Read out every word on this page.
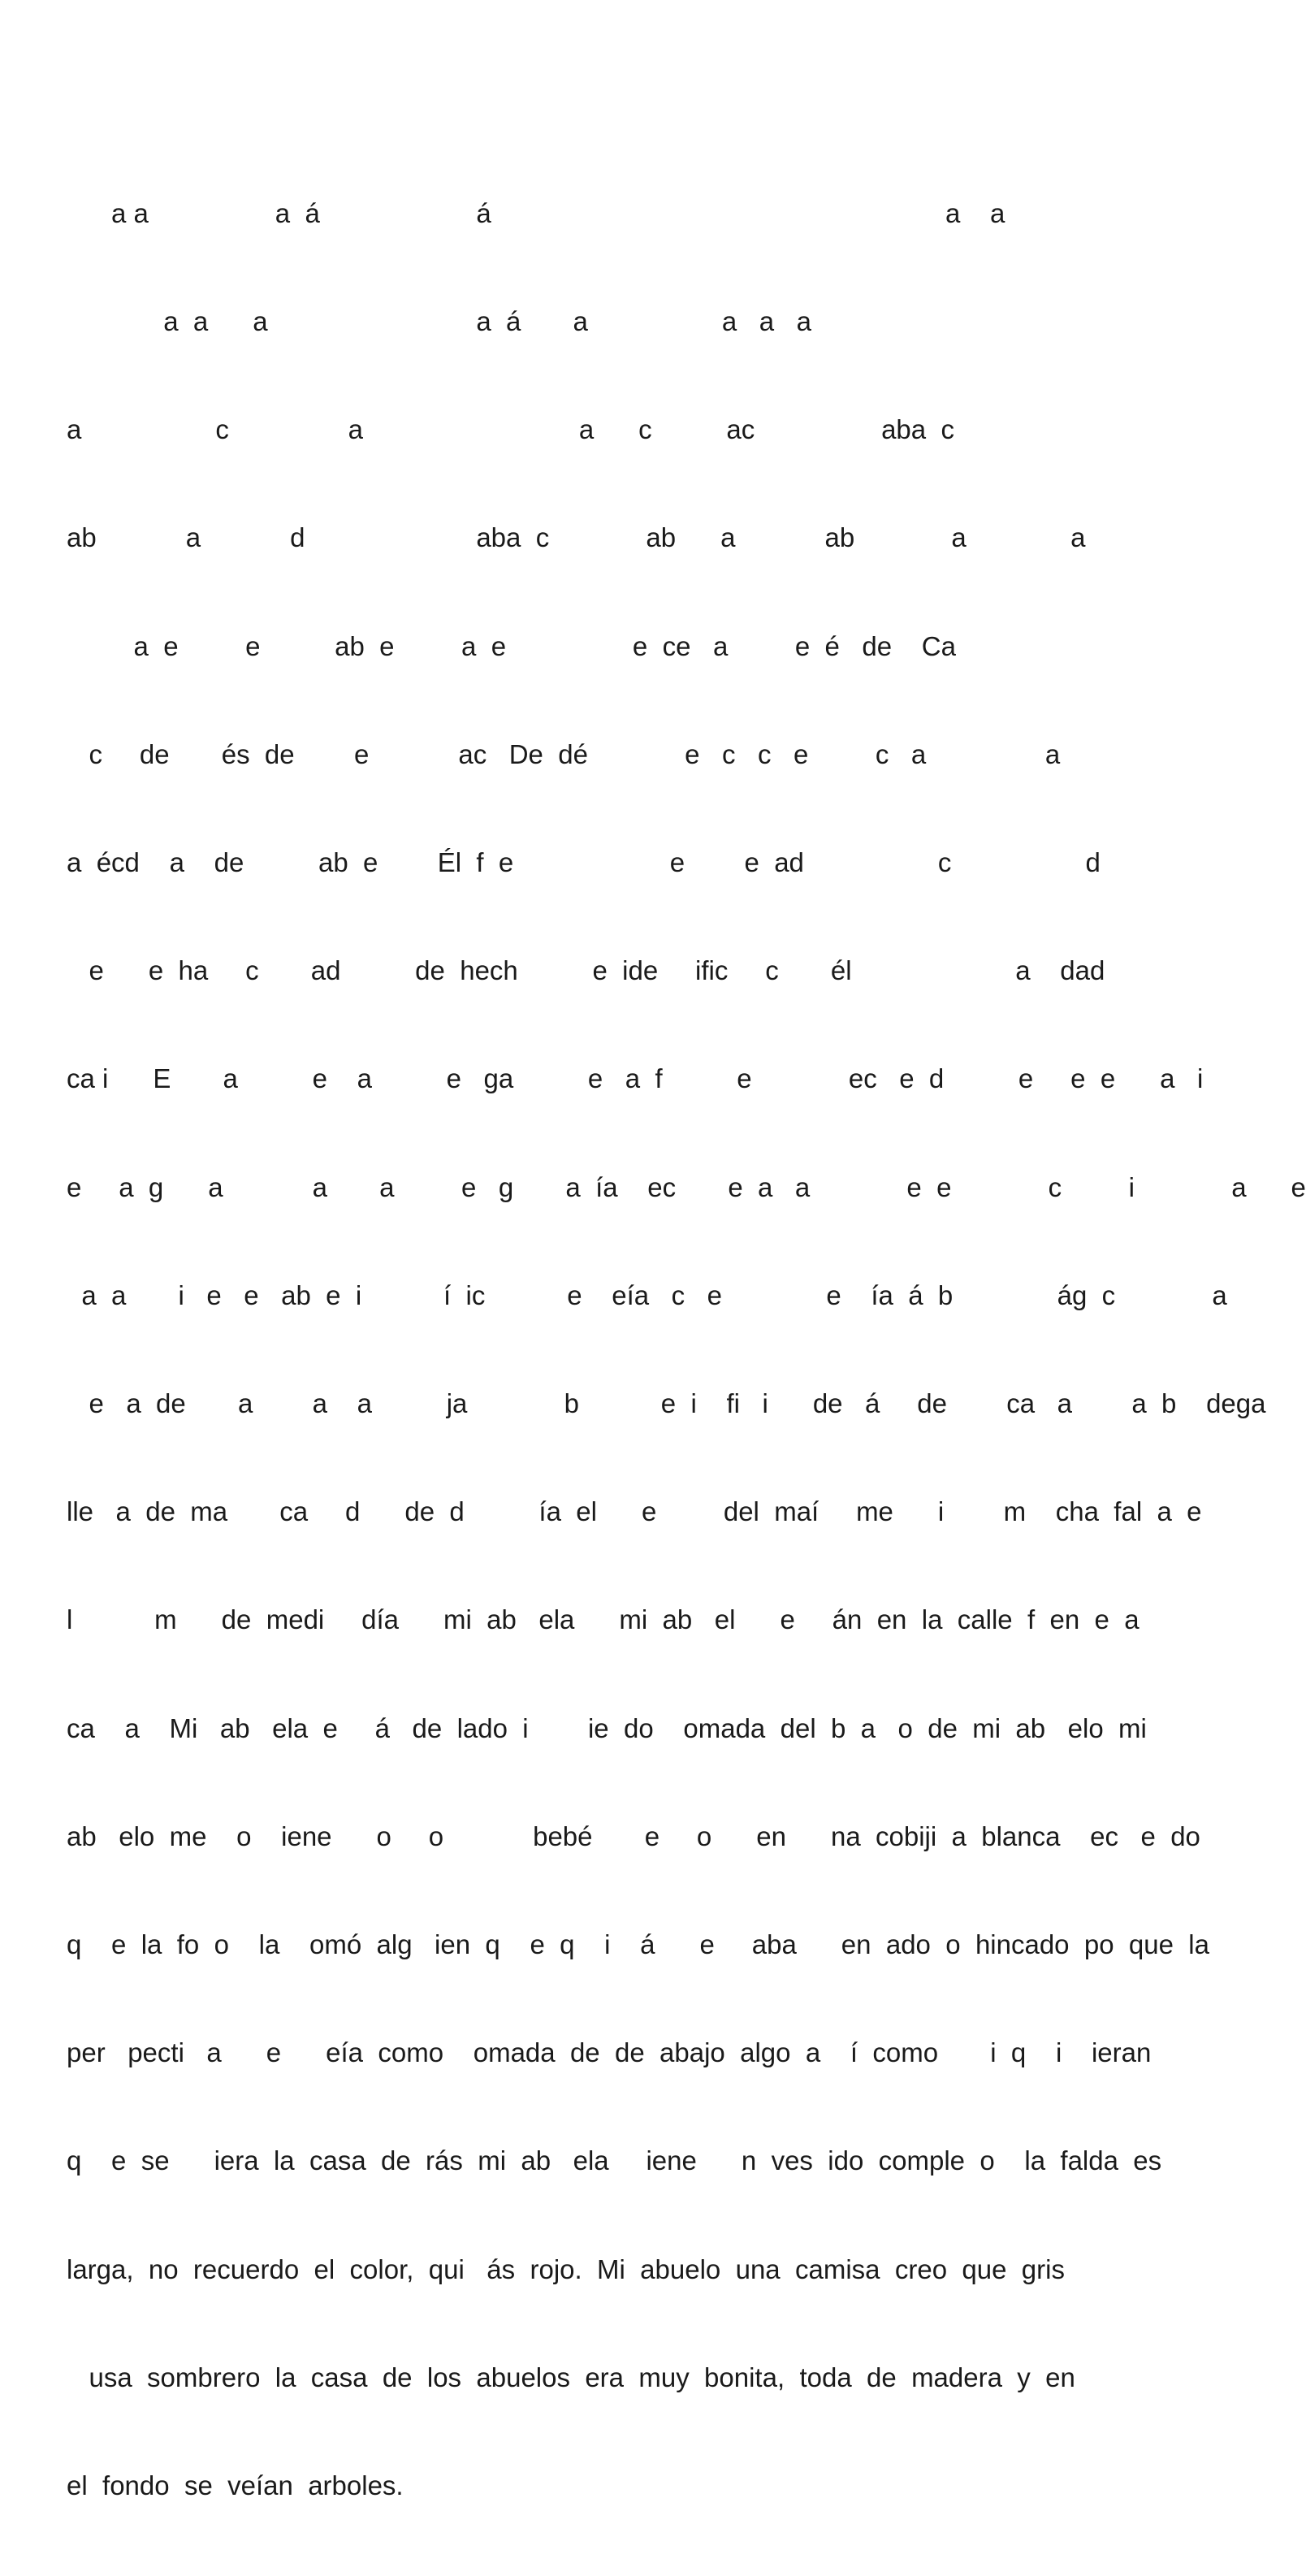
a a                 a  á                     á                                                             a    a

a  a      a                            a  á       a                  a   a   a

a                  c                a                             a      c          ac                 aba  c

ab            a            d                       aba  c             ab      a            ab             a              a

a  e         e          ab  e         a  e                 e  ce   a         e  é   de    Ca

c     de       és  de        e            ac   De  dé             e   c   c   e         c   a                a

a  écd    a    de          ab  e        Él  f  e                     e        e  ad                  c                  d

e      e  ha     c       ad          de  hech          e  ide     ific     c       él                      a    dad

ca i      E       a          e    a          e   ga          e   a  f          e             ec   e  d          e     e  e      a   i

e     a  g      a            a       a         e   g       a  ía    ec       e  a   a             e  e             c         i             a      e

a  a       i   e   e   ab  e  i           í  ic           e    eía   c   e              e    ía  á  b              ág  c             a

e   a  de       a        a    a          ja             b           e  i    fi   i      de   á     de        ca   a        a  b    dega

lle   a  de  ma       ca     d      de  d          ía  el      e         del  maí     me      i        m    cha  fal  a  e

l           m      de  medi     día      mi  ab   ela      mi  ab   el      e     án  en  la  calle  f  en  e  a

ca    a    Mi   ab   ela  e     á   de  lado  i        ie  do    omada  del  b  a   o  de  mi  ab   elo  mi

ab   elo  me    o    iene      o     o            bebé       e     o      en      na  cobiji  a  blanca    ec   e  do

q    e  la  fo  o    la    omó  alg   ien  q    e  q    i    á      e     aba      en  ado  o  hincado  po  que  la

per   pecti   a      e      eía  como    omada  de  de  abajo  algo  a    í  como       i  q    i    ieran

q    e  se      iera  la  casa  de  rás  mi  ab   ela     iene      n  ves  ido  comple  o    la  falda  es

larga,  no  recuerdo  el  color,  qui   ás  rojo.  Mi  abuelo  una  camisa  creo  que  gris

usa  sombrero  la  casa  de  los  abuelos  era  muy  bonita,  toda  de  madera  y  en

el  fondo  se  veían  arboles.
